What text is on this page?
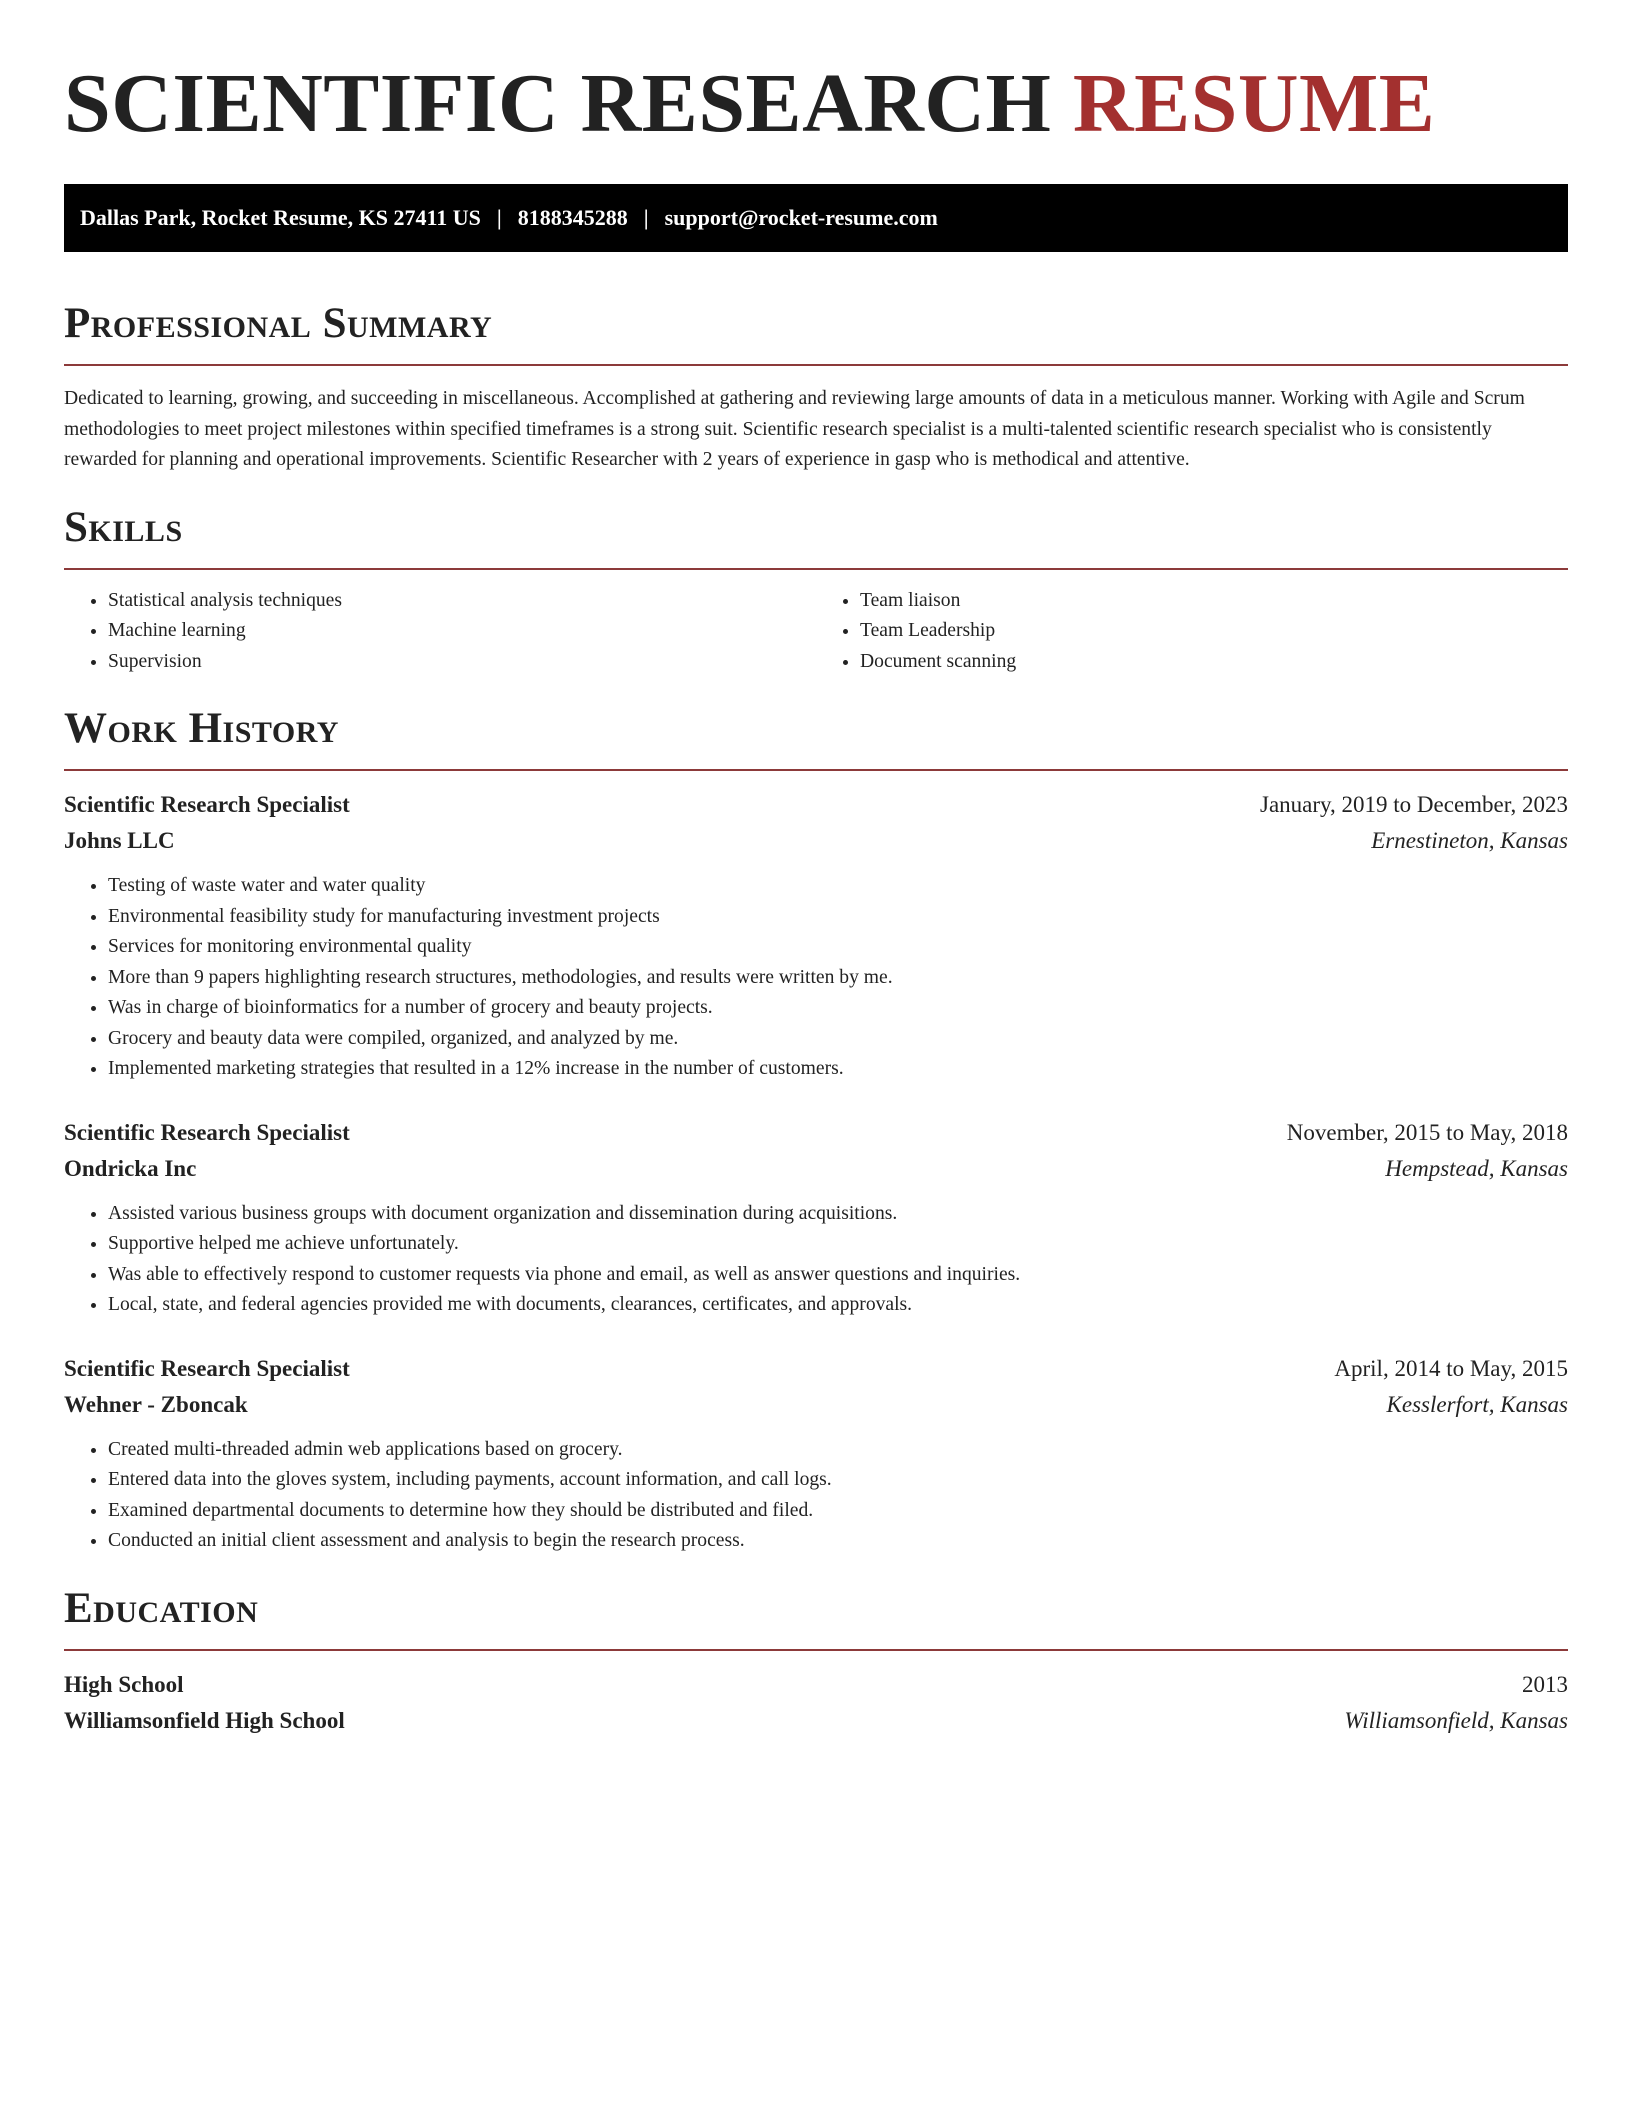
SCIENTIFIC RESEARCH RESUME
Dallas Park, Rocket Resume, KS 27411 US | 8188345288 | support@rocket-resume.com
Professional Summary

Dedicated to learning, growing, and succeeding in miscellaneous. Accomplished at gathering and reviewing large amounts of data in a meticulous manner. Working with Agile and Scrum methodologies to meet project milestones within specified timeframes is a strong suit. Scientific research specialist is a multi-talented scientific research specialist who is consistently rewarded for planning and operational improvements. Scientific Researcher with 2 years of experience in gasp who is methodical and attentive.

Skills
• Statistical analysis techniques
• Machine learning
• Supervision
• Team liaison
• Team Leadership
• Document scanning
Work History
Scientific Research Specialist	January, 2019 to December, 2023
Johns LLC	Ernestineton, Kansas
• Testing of waste water and water quality
• Environmental feasibility study for manufacturing investment projects
• Services for monitoring environmental quality
• More than 9 papers highlighting research structures, methodologies, and results were written by me.
• Was in charge of bioinformatics for a number of grocery and beauty projects.
• Grocery and beauty data were compiled, organized, and analyzed by me.
• Implemented marketing strategies that resulted in a 12% increase in the number of customers.
Scientific Research Specialist	November, 2015 to May, 2018
Ondricka Inc	Hempstead, Kansas
• Assisted various business groups with document organization and dissemination during acquisitions.
• Supportive helped me achieve unfortunately.
• Was able to effectively respond to customer requests via phone and email, as well as answer questions and inquiries.
• Local, state, and federal agencies provided me with documents, clearances, certificates, and approvals.
Scientific Research Specialist	April, 2014 to May, 2015
Wehner - Zboncak	Kesslerfort, Kansas
• Created multi-threaded admin web applications based on grocery.
• Entered data into the gloves system, including payments, account information, and call logs.
• Examined departmental documents to determine how they should be distributed and filed.
• Conducted an initial client assessment and analysis to begin the research process.
Education
High School	2013
Williamsonfield High School	Williamsonfield, Kansas
